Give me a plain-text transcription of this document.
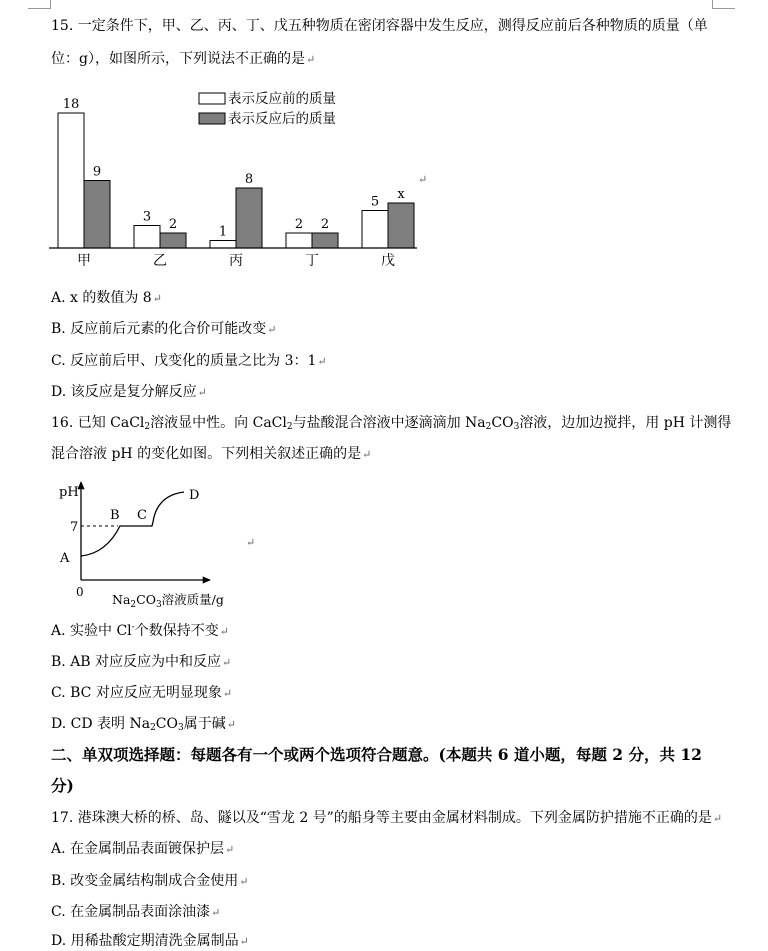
15. 一定条件下，甲、乙、丙、丁、戊五种物质在密闭容器中发生反应，测得反应前后各种物质的质量（单
位：g），如图所示，下列说法不正确的是↵
18
9
甲
3 2
乙
1
8
丙
2 2
丁
5 x
戊
表示反应前的质量
表示反应后的质量
↵
A. x 的数值为 8↵
B. 反应前后元素的化合价可能改变↵
C. 反应前后甲、戊变化的质量之比为 3：1↵
D. 该反应是复分解反应↵
16. 已知 CaCl$_2$溶液显中性。向 CaCl$_2$与盐酸混合溶液中逐滴滴加 $Na_2CO_3$溶液，边加边搅拌，用 pH 计测得
混合溶液 pH 的变化如图。下列相关叙述正确的是↵
pH
7
A
B C
D
0 $Na_2CO_3$溶液质量/g
↵
A. 实验中 Cl-个数保持不变↵
B. AB 对应反应为中和反应↵
C. BC 对应反应无明显现象↵
D. CD 表明 $Na_2CO_3$属于碱↵
二、单双项选择题：每题各有一个或两个选项符合题意。(本题共 6 道小题，每题 2 分，共 12
分)
17. 港珠澳大桥的桥、岛、隧以及“雪龙 2 号”的船身等主要由金属材料制成。下列金属防护措施不正确的是↵
A. 在金属制品表面镀保护层↵
B. 改变金属结构制成合金使用↵
C. 在金属制品表面涂油漆↵
D. 用稀盐酸定期清洗金属制品↵
